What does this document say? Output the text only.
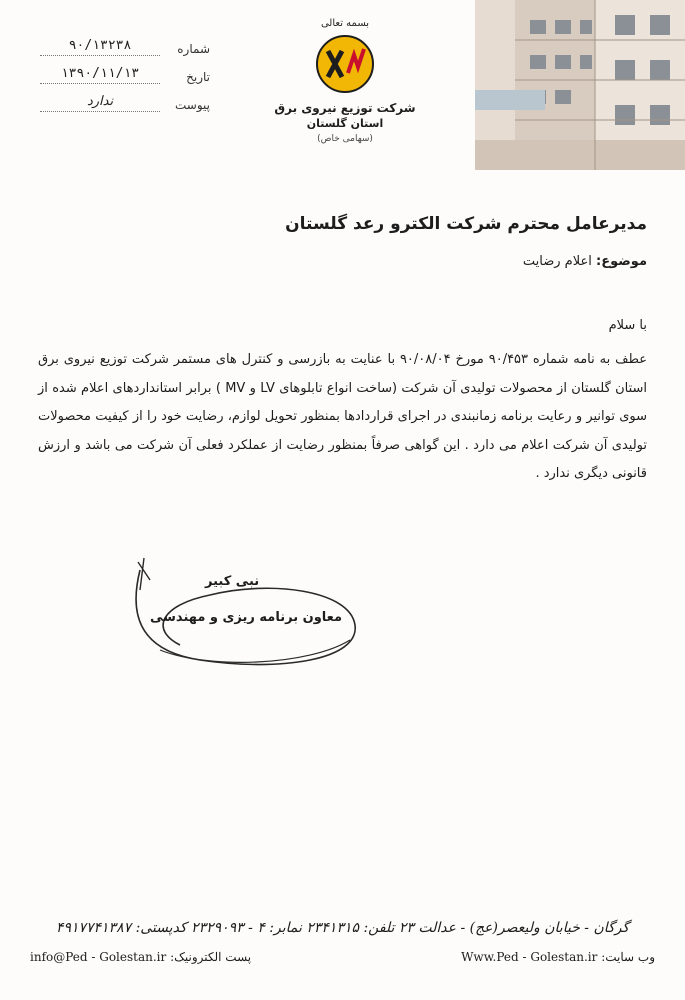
شماره
۹۰/۱۳۲۳۸
تاریخ
۱۳۹۰/۱۱/۱۳
پیوست
ندارد
بسمه تعالی
شرکت توزیع نیروی برق
استان گلستان
(سهامی خاص)
مدیرعامل محترم شرکت الکترو رعد گلستان
موضوع: اعلام رضایت
با سلام
عطف به نامه شماره ۹۰/۴۵۳ مورخ ۹۰/۰۸/۰۴ با عنایت به بازرسی و کنترل های مستمر شرکت توزیع نیروی برق استان گلستان از محصولات تولیدی آن شرکت (ساخت انواع تابلوهای LV و MV ) برابر استانداردهای اعلام شده از سوی توانیر و رعایت برنامه زمانبندی در اجرای قراردادها بمنظور تحویل لوازم، رضایت خود را از کیفیت محصولات تولیدی آن شرکت اعلام می دارد . این گواهی صرفاً بمنظور رضایت از عملکرد فعلی آن شرکت می باشد و ارزش قانونی دیگری ندارد .
نبی کبیر
معاون برنامه ریزی و مهندسی
گرگان - خیابان ولیعصر(عج) - عدالت ۲۳ تلفن: ۲۳۴۱۳۱۵ نمابر: ۴ - ۲۳۲۹۰۹۳ کدپستی: ۴۹۱۷۷۴۱۳۸۷
وب سایت: Www.Ped - Golestan.ir
پست الکترونیک: info@Ped - Golestan.ir
